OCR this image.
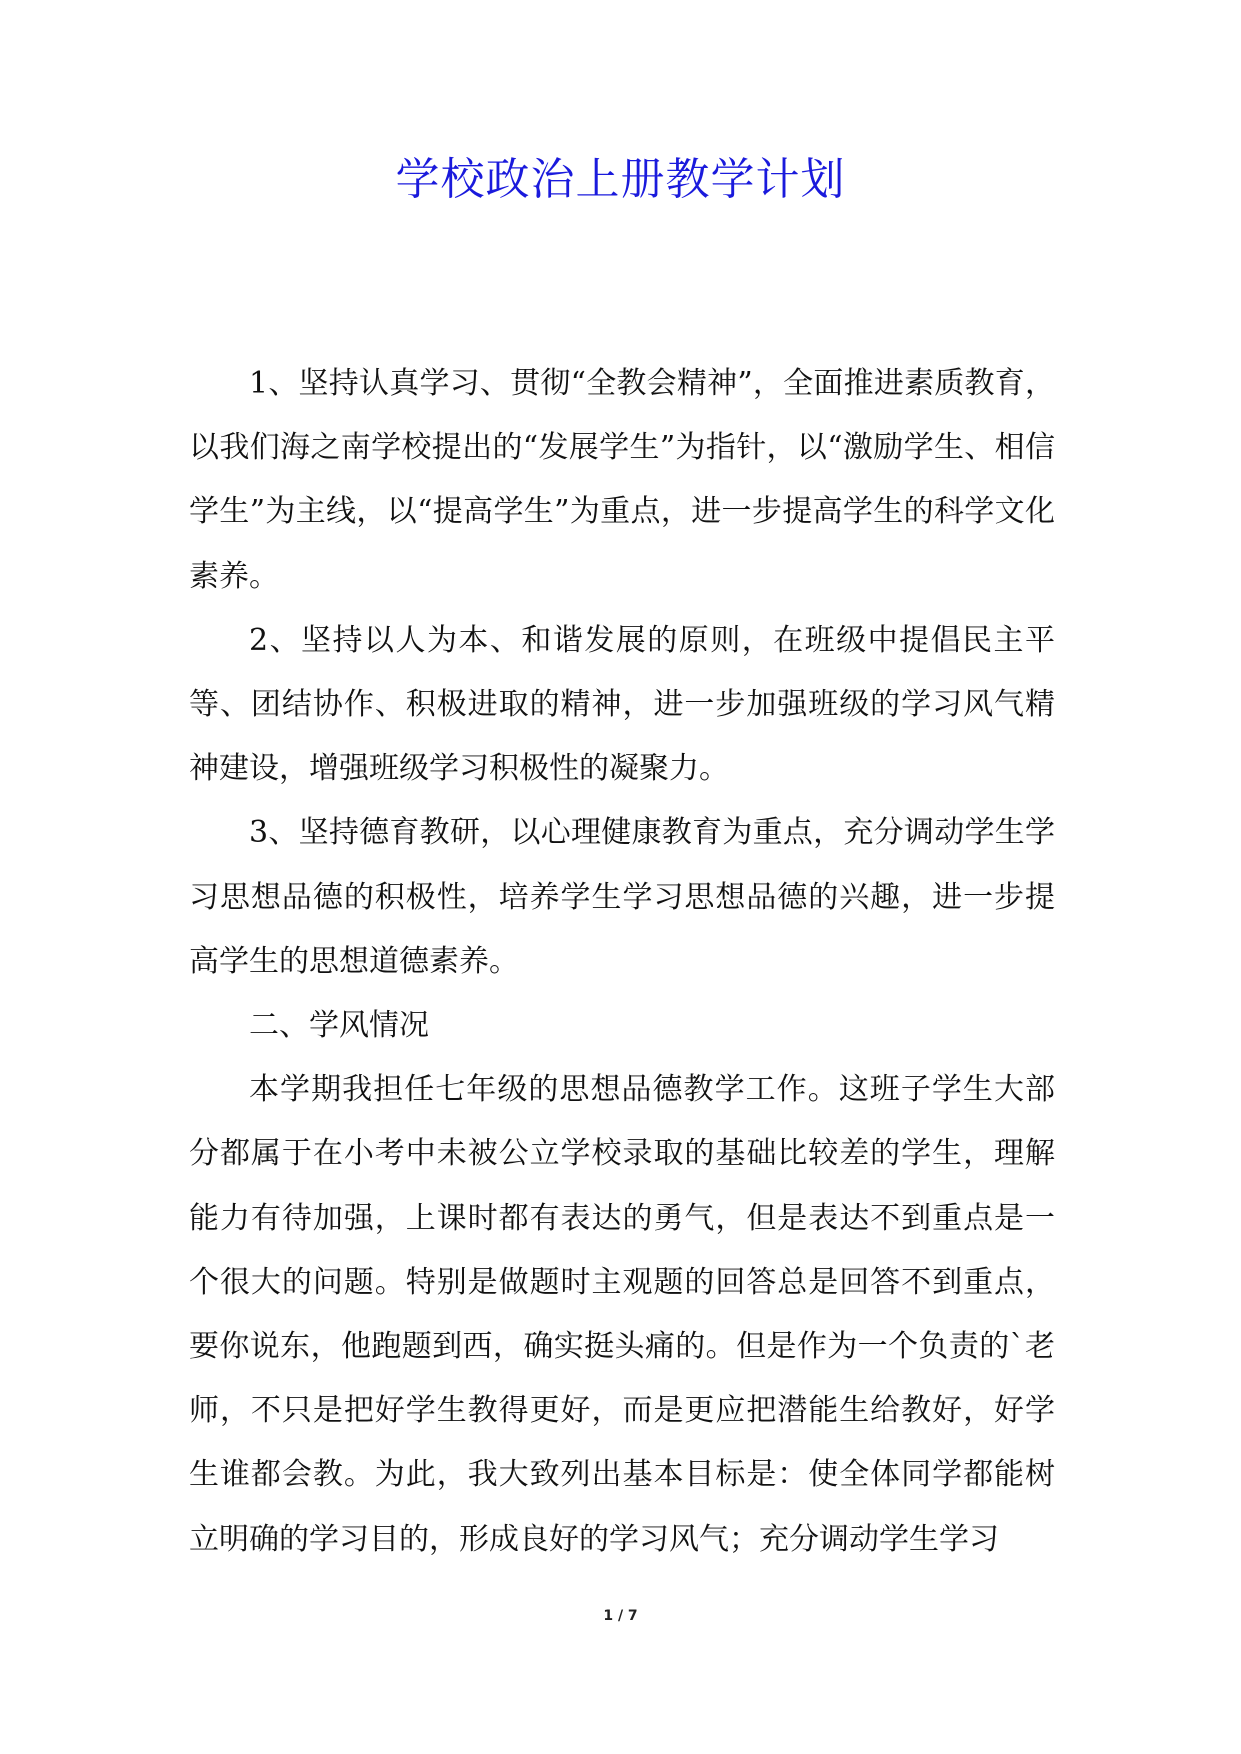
学校政治上册教学计划

1、坚持认真学习、贯彻“全教会精神”，全面推进素质教育，以我们海之南学校提出的“发展学生”为指针，以“激励学生、相信学生”为主线，以“提高学生”为重点，进一步提高学生的科学文化素养。

2、坚持以人为本、和谐发展的原则，在班级中提倡民主平等、团结协作、积极进取的精神，进一步加强班级的学习风气精神建设，增强班级学习积极性的凝聚力。

3、坚持德育教研，以心理健康教育为重点，充分调动学生学习思想品德的积极性，培养学生学习思想品德的兴趣，进一步提高学生的思想道德素养。

二、学风情况

本学期我担任七年级的思想品德教学工作。这班子学生大部分都属于在小考中未被公立学校录取的基础比较差的学生，理解能力有待加强，上课时都有表达的勇气，但是表达不到重点是一个很大的问题。特别是做题时主观题的回答总是回答不到重点，要你说东，他跑题到西，确实挺头痛的。但是作为一个负责的`老师，不只是把好学生教得更好，而是更应把潜能生给教好，好学生谁都会教。为此，我大致列出基本目标是：使全体同学都能树立明确的学习目的，形成良好的学习风气；充分调动学生学习

1 / 7
